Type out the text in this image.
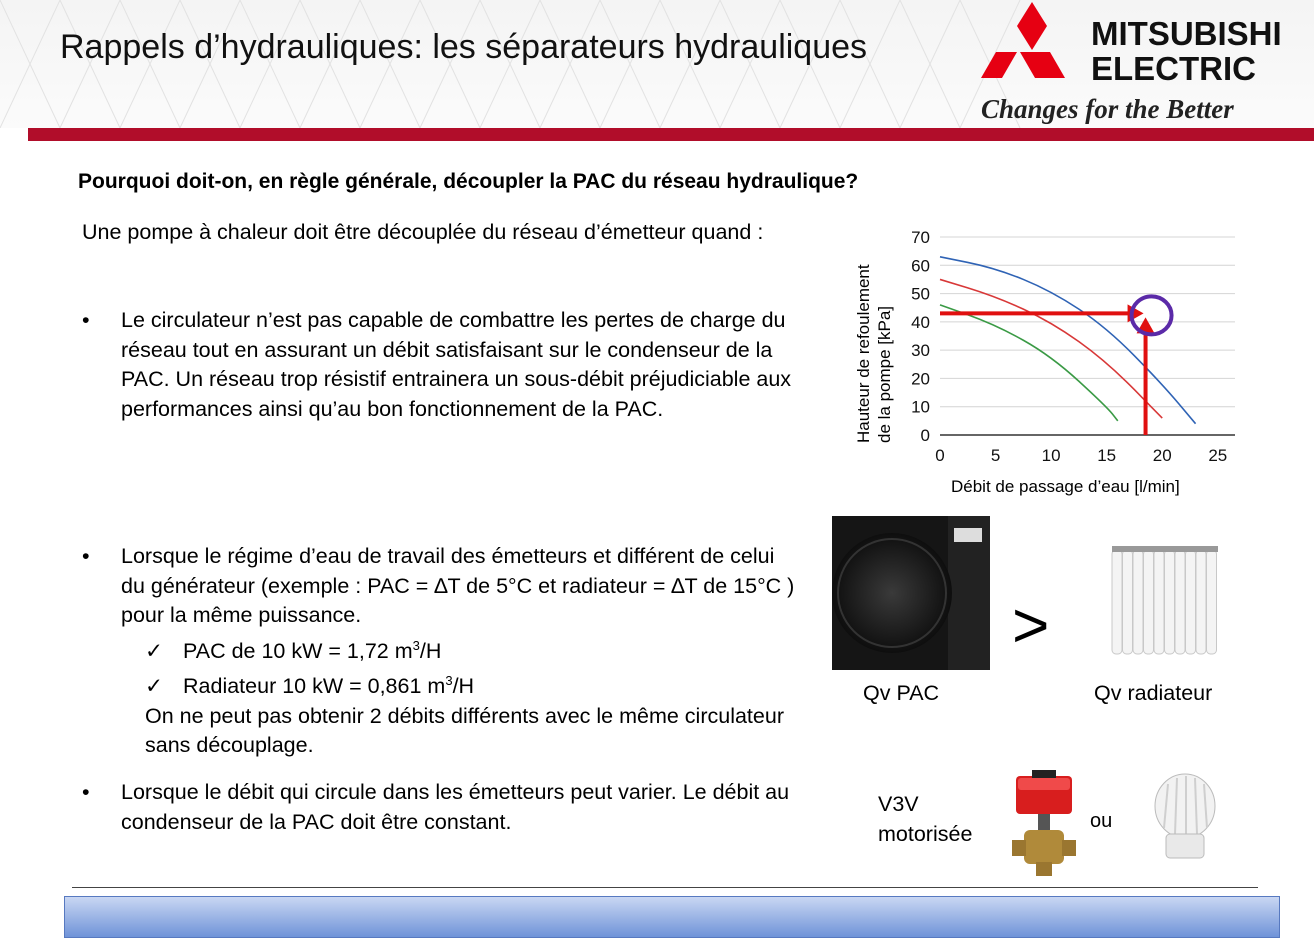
Rappels d’hydrauliques: les séparateurs hydrauliques	MITSUBISHI
ELECTRIC
Changes for the Better
Pourquoi doit-on, en règle générale, découpler la PAC du réseau hydraulique?
Une pompe à chaleur doit être découplée du réseau d’émetteur quand :
• Le circulateur n’est pas capable de combattre les pertes de charge du réseau tout en assurant un débit satisfaisant sur le condenseur de la PAC. Un réseau trop résistif entrainera un sous-débit préjudiciable aux performances ainsi qu’au bon fonctionnement de la PAC.
• Lorsque le régime d’eau de travail des émetteurs et différent de celui du générateur (exemple : PAC = ∆T de 5°C et radiateur = ∆T de 15°C ) pour la même puissance.
✓ PAC de 10 kW = 1,72 $m^3/H$
✓ Radiateur 10 kW = 0,861 $m^3/H$
On ne peut pas obtenir 2 débits différents avec le même circulateur sans découplage.
• Lorsque le débit qui circule dans les émetteurs peut varier. Le débit au condenseur de la PAC doit être constant.
0
10
20
30
40
50
60
70
0	5 10 15 20 25
Hauteur de refoulement de la pompe [kPa]
Débit de passage d’eau [l/min]
>
Qv PAC	Qv radiateur
V3V
motorisée
ou
